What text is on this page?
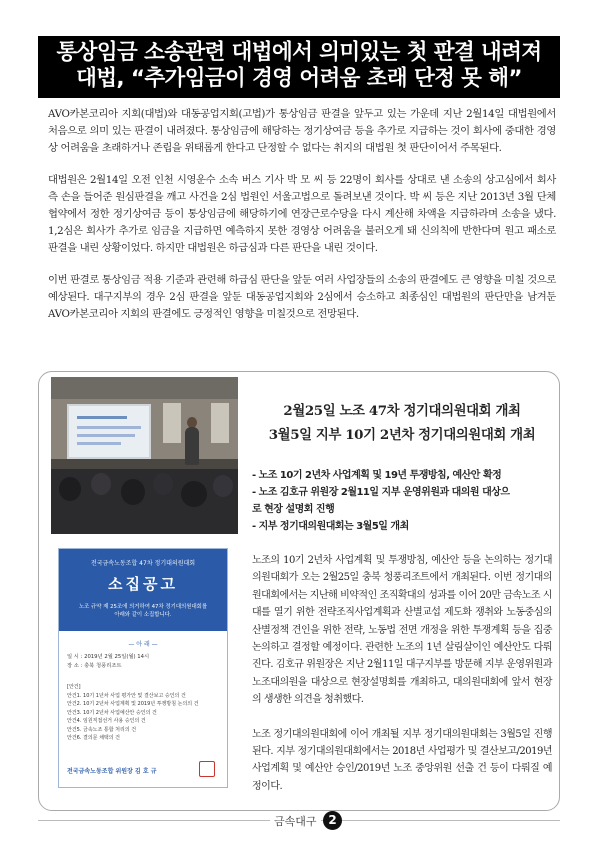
통상임금 소송관련 대법에서 의미있는 첫 판결 내려져
대법, “추가임금이 경영 어려움 초래 단정 못 해”

AVO카본코리아 지회(대법)와 대동공업지회(고법)가 통상임금 판결을 앞두고 있는 가운데 지난 2월14일 대법원에서 처음으로 의미 있는 판결이 내려졌다. 통상임금에 해당하는 정기상여금 등을 추가로 지급하는 것이 회사에 중대한 경영상 어려움을 초래하거나 존립을 위태롭게 한다고 단정할 수 없다는 취지의 대법원 첫 판단이어서 주목된다.

대법원은 2월14일 오전 인천 시영운수 소속 버스 기사 박 모 씨 등 22명이 회사를 상대로 낸 소송의 상고심에서 회사 측 손을 들어준 원심판결을 깨고 사건을 2심 법원인 서울고법으로 돌려보낸 것이다. 박 씨 등은 지난 2013년 3월 단체협약에서 정한 정기상여금 등이 통상임금에 해당하기에 연장근로수당을 다시 계산해 차액을 지급하라며 소송을 냈다. 1,2심은 회사가 추가로 임금을 지급하면 예측하지 못한 경영상 어려움을 불러오게 돼 신의칙에 반한다며 원고 패소로 판결을 내린 상황이었다. 하지만 대법원은 하급심과 다른 판단을 내린 것이다.

이번 판결로 통상임금 적용 기준과 관련해 하급심 판단을 앞둔 여러 사업장들의 소송의 판결에도 큰 영향을 미칠 것으로 예상된다. 대구지부의 경우 2심 판결을 앞둔 대동공업지회와 2심에서 승소하고 최종심인 대법원의 판단만을 남겨둔 AVO카본코리아 지회의 판결에도 긍정적인 영향을 미칠것으로 전망된다.

전국금속노동조합 47차 정기대의원대회
소집공고
노조 규약 제 25조에 의거하여 47차 정기대의원대회를
아래와 같이 소집합니다.
— 아 래 —
일 시 : 2019년 2월 25일(월) 14시
장 소 : 충북 청풍리조트
[안건]
안건1. 10기 1년차 사업 평가안 및 결산보고 승인의 건
안건2. 10기 2년차 사업계획 및 2019년 투쟁방침 논의의 건
안건3. 10기 2년차 사업예산안 승인의 건
안건4. 임원직접선거 사용 승인의 건
안건5. 금속노조 통합 처리의 건
안건6. 결의문 채택의 건
전국금속노동조합 위원장 김 호 규
2월25일 노조 47차 정기대의원대회 개최
3월5일 지부 10기 2년차 정기대의원대회 개최
- 노조 10기 2년차 사업계획 및 19년 투쟁방침, 예산안 확정
- 노조 김호규 위원장 2월11일 지부 운영위원과 대의원 대상으
로 현장 설명회 진행
- 지부 정기대의원대회는 3월5일 개최

노조의 10기 2년차 사업계획 및 투쟁방침, 예산안 등을 논의하는 정기대의원대회가 오는 2월25일 충북 청풍리조트에서 개최된다. 이번 정기대의원대회에서는 지난해 비약적인 조직확대의 성과를 이어 20만 금속노조 시대를 열기 위한 전략조직사업계획과 산별교섭 제도화 쟁취와 노동중심의 산별정책 견인을 위한 전략, 노동법 전면 개정을 위한 투쟁계획 등을 집중 논의하고 결정할 예정이다. 관련한 노조의 1년 살림살이인 예산안도 다뤄진다. 김호규 위원장은 지난 2월11일 대구지부를 방문해 지부 운영위원과 노조대의원을 대상으로 현장설명회를 개최하고, 대의원대회에 앞서 현장의 생생한 의견을 청취했다.

노조 정기대의원대회에 이어 개최될 지부 정기대의원대회는 3월5일 진행된다. 지부 정기대의원대회에서는 2018년 사업평가 및 결산보고/2019년 사업계획 및 예산안 승인/2019년 노조 중앙위원 선출 건 등이 다뤄질 예정이다.

금속대구 2
